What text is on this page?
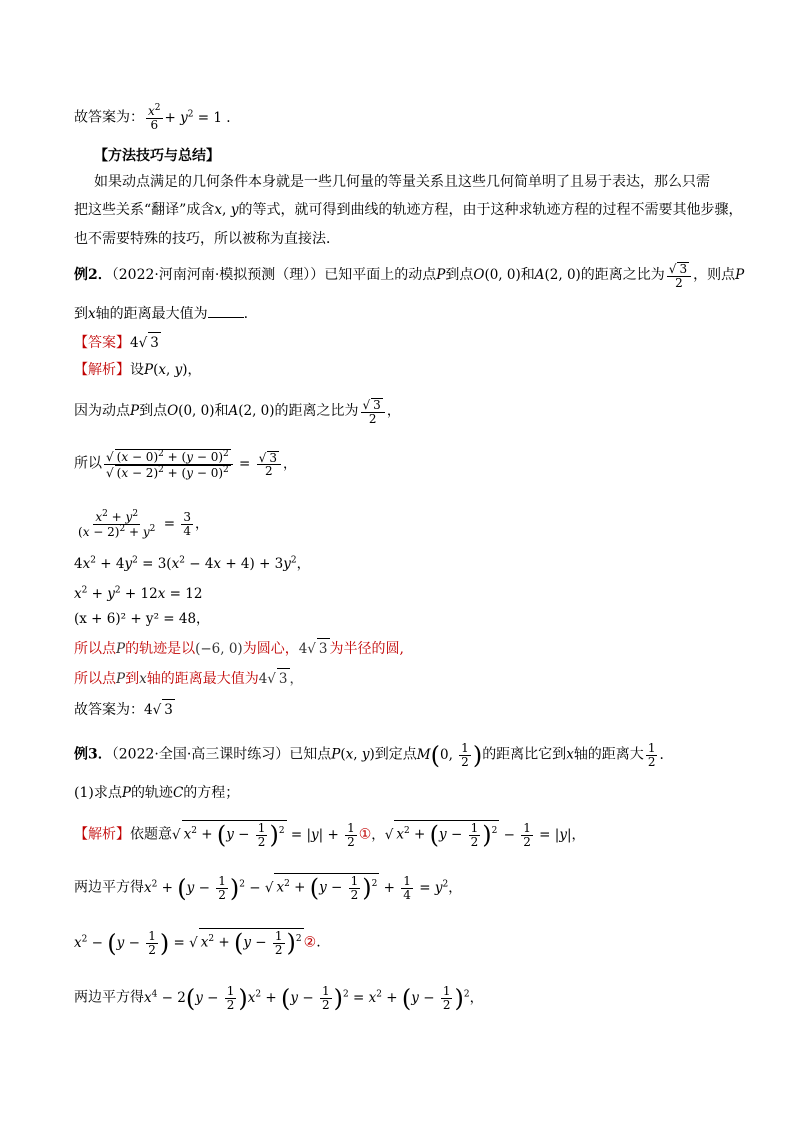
故答案为： $\frac{x^2}{6} + y^2 = 1$ .
【方法技巧与总结】
如果动点满足的几何条件本身就是一些几何量的等量关系且这些几何简单明了且易于表达，那么只需
把这些关系“翻译”成含x, y的等式，就可得到曲线的轨迹方程，由于这种求轨迹方程的过程不需要其他步骤，
也不需要特殊的技巧，所以被称为直接法．
例2．（2022·河南河南·模拟预测（理））已知平面上的动点P到点O(0, 0)和A(2, 0)的距离之比为 $\frac{√ 3}{2}$ ，则点P
到x轴的距离最大值为	.
【答案】4√ 3
【解析】设P(x, y)，
因为动点P到点O(0, 0)和A(2, 0)的距离之比为 $\frac{√ 3}{2}$ ，
所以 $\frac{√ (x - 0)^2 + (y - 0)^2}{√ (x - 2)^2 + (y - 0)^2} = \frac{√ 3}{2}$ ，
$\frac{x^2 + y^2}{(x - 2)^2 + y^2} = \frac{3}{4}$ ，
$4x^2 + 4y^2 = 3(x^2 - 4x + 4) + 3y^2$，
$x^2 + y^2 + 12x = 12$
(x + 6)² + y² = 48，
所以点P的轨迹是以(−6, 0)为圆心，4√ 3 为半径的圆,
所以点P到x轴的距离最大值为4√ 3 ，
故答案为：4√ 3
例3．（2022·全国·高三课时练习）已知点P(x, y)到定点M(0, $\frac{1}{2}$ )的距离比它到x轴的距离大 $\frac{1}{2}$ .
(1)求点P的轨迹C的方程；
【解析】依题意√ $x^2 + (y - \frac{1}{2} )^2 = |y| + \frac{1}{2}$ ①，√ $x^2 + (y - \frac{1}{2} )^2 - \frac{1}{2} = |y|$，
两边平方得$x^2 + (y - \frac{1}{2} )^2$ − √ $x^2 + (y - \frac{1}{2} )^2 + \frac{1}{4} = y^2$，
$x^2 - (y - \frac{1}{2}$ ) = √ $x^2 + (y - \frac{1}{2} )^2$ ②.
两边平方得$x^4 - 2(y - \frac{1}{2} )x^2 + (y - \frac{1}{2} )^2 = x^2 + (y - \frac{1}{2} )^2$，
